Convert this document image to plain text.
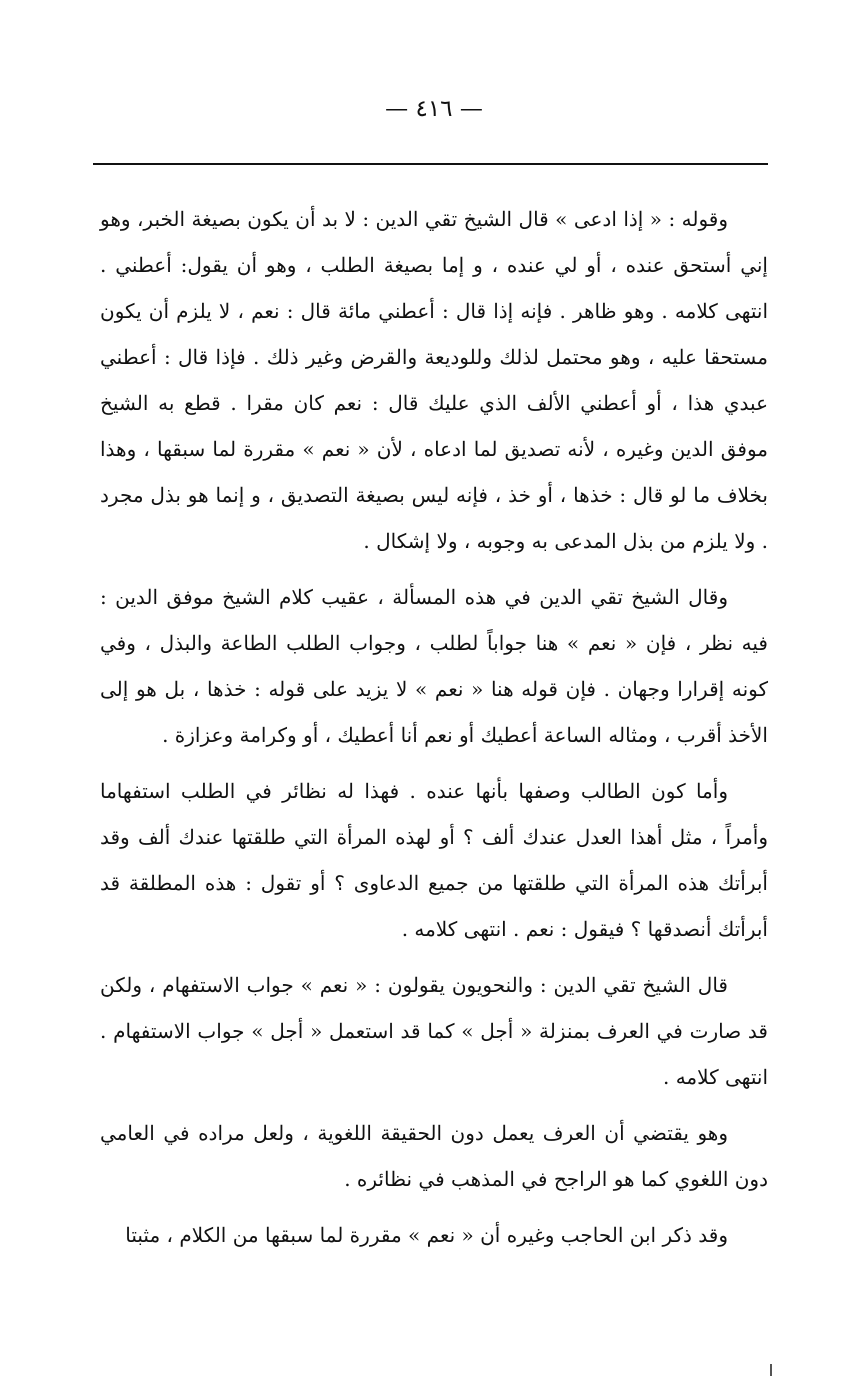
— ٤١٦ —

وقوله : « إذا ادعى » قال الشيخ تقي الدين : لا بد أن يكون بصيغة الخبر، وهو إني أستحق عنده ، أو لي عنده ، و إما بصيغة الطلب ، وهو أن يقول: أعطني . انتهى كلامه . وهو ظاهر . فإنه إذا قال : أعطني مائة قال : نعم ، لا يلزم أن يكون مستحقا عليه ، وهو محتمل لذلك وللوديعة والقرض وغير ذلك . فإذا قال : أعطني عبدي هذا ، أو أعطني الألف الذي عليك قال : نعم كان مقرا . قطع به الشيخ موفق الدين وغيره ، لأنه تصديق لما ادعاه ، لأن « نعم » مقررة لما سبقها ، وهذا بخلاف ما لو قال : خذها ، أو خذ ، فإنه ليس بصيغة التصديق ، و إنما هو بذل مجرد . ولا يلزم من بذل المدعى به وجوبه ، ولا إشكال .

وقال الشيخ تقي الدين في هذه المسألة ، عقيب كلام الشيخ موفق الدين : فيه نظر ، فإن « نعم » هنا جواباً لطلب ، وجواب الطلب الطاعة والبذل ، وفي كونه إقرارا وجهان . فإن قوله هنا « نعم » لا يزيد على قوله : خذها ، بل هو إلى الأخذ أقرب ، ومثاله الساعة أعطيك أو نعم أنا أعطيك ، أو وكرامة وعزازة .

وأما كون الطالب وصفها بأنها عنده . فهذا له نظائر في الطلب استفهاما وأمراً ، مثل أهذا العدل عندك ألف ؟ أو لهذه المرأة التي طلقتها عندك ألف وقد أبرأتك هذه المرأة التي طلقتها من جميع الدعاوى ؟ أو تقول : هذه المطلقة قد أبرأتك أنصدقها ؟ فيقول : نعم . انتهى كلامه .

قال الشيخ تقي الدين : والنحويون يقولون : « نعم » جواب الاستفهام ، ولكن قد صارت في العرف بمنزلة « أجل » كما قد استعمل « أجل » جواب الاستفهام . انتهى كلامه .

وهو يقتضي أن العرف يعمل دون الحقيقة اللغوية ، ولعل مراده في العامي دون اللغوي كما هو الراجح في المذهب في نظائره .

وقد ذكر ابن الحاجب وغيره أن « نعم » مقررة لما سبقها من الكلام ، مثبتا
